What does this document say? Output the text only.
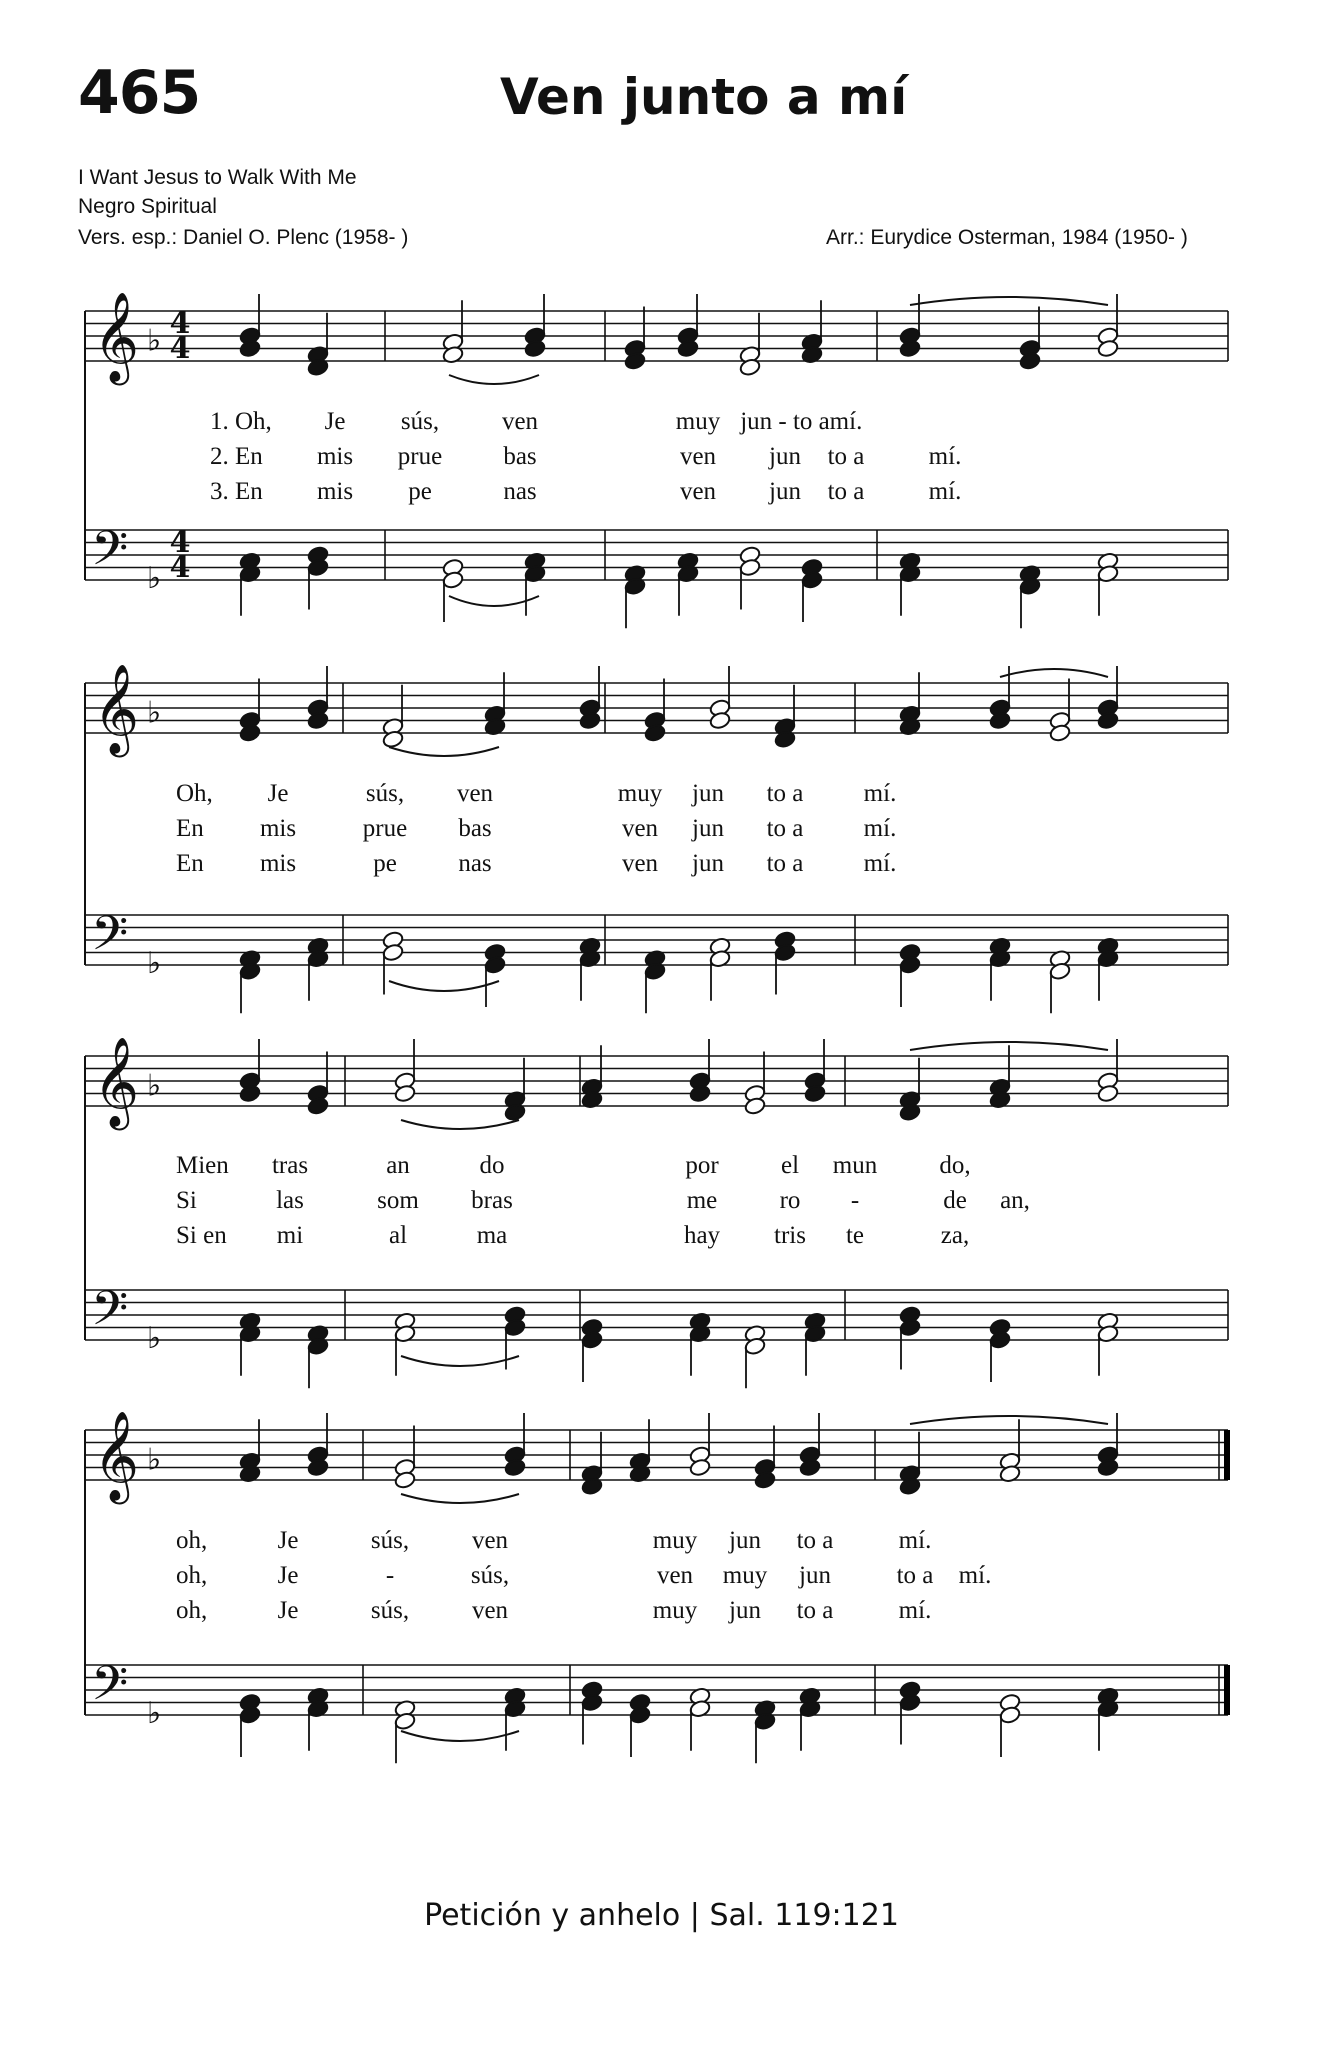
465	Ven junto a mí
I Want Jesus to Walk With Me
Negro Spiritual
Vers. esp.: Daniel O. Plenc (1958- )	Arr.: Eurydice Osterman, 1984 (1950- )
𝄞 ♭
𝄢 ♭
4
4
4
4
𝄞 ♭
𝄢 ♭
𝄞 ♭
𝄢 ♭
𝄞 ♭
𝄢 ♭
1. Oh, Je sús,	ven	muy jun - to a mí.
2. En mis prue bas	ven jun to a	mí.
3. En mis pe	nas	ven jun to a	mí.
Oh, Je	sús, ven	muy jun to a mí.
En mis	prue bas	ven jun to a mí.
En mis	pe nas	ven jun to a mí.
Mien tras	an	do	por el mun do,
Si	las	som bras	me ro -	de an,
Si en mi	al	ma	hay tris te	za,
oh,	Je	sús,	ven	muy jun to a	mí.
oh,	Je	-	sús,	ven muy jun	to a mí.
oh,	Je	sús,	ven	muy jun to a	mí.
Petición y anhelo | Sal. 119:121
